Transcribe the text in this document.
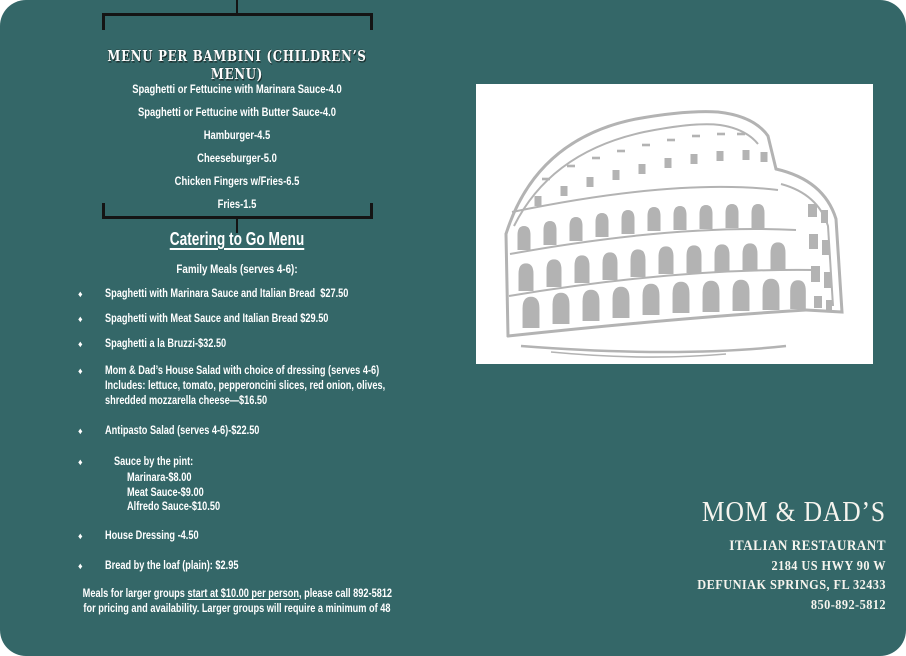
MENU PER BAMBINI (CHILDREN’S MENU)
Spaghetti or Fettucine with Marinara Sauce-4.0
Spaghetti or Fettucine with Butter Sauce-4.0
Hamburger-4.5
Cheeseburger-5.0
Chicken Fingers w/Fries-6.5
Fries-1.5
Catering to Go Menu
Family Meals (serves 4-6):
♦ Spaghetti with Marinara Sauce and Italian Bread  $27.50
♦ Spaghetti with Meat Sauce and Italian Bread $29.50
♦ Spaghetti a la Bruzzi-$32.50
♦ Mom & Dad’s House Salad with choice of dressing (serves 4-6)
Includes: lettuce, tomato, pepperoncini slices, red onion, olives,
shredded mozzarella cheese—$16.50
♦ Antipasto Salad (serves 4-6)-$22.50
♦	Sauce by the pint:
Marinara-$8.00
Meat Sauce-$9.00
Alfredo Sauce-$10.50
♦ House Dressing -4.50
♦ Bread by the loaf (plain): $2.95
Meals for larger groups start at $10.00 per person, please call 892-5812
for pricing and availability. Larger groups will require a minimum of 48
MOM & DAD’S
ITALIAN RESTAURANT
2184 US HWY 90 W
DEFUNIAK SPRINGS, FL 32433
850-892-5812
